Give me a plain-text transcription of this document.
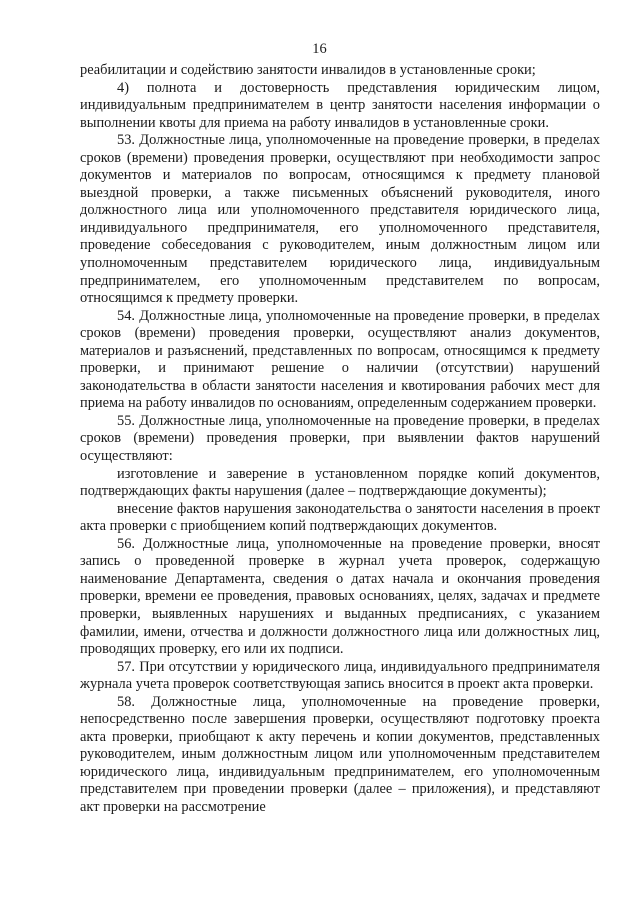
16

реабилитации и содействию занятости инвалидов в установленные сроки;

4) полнота и достоверность представления юридическим лицом, индивидуальным предпринимателем в центр занятости населения информации о выполнении квоты для приема на работу инвалидов в установленные сроки.

53. Должностные лица, уполномоченные на проведение проверки, в пределах сроков (времени) проведения проверки, осуществляют при необходимости запрос документов и материалов по вопросам, относящимся к предмету плановой выездной проверки, а также письменных объяснений руководителя, иного должностного лица или уполномоченного представителя юридического лица, индивидуального предпринимателя, его уполномоченного представителя, проведение собеседования с руководителем, иным должностным лицом или уполномоченным представителем юридического лица, индивидуальным предпринимателем, его уполномоченным представителем по вопросам, относящимся к предмету проверки.

54. Должностные лица, уполномоченные на проведение проверки, в пределах сроков (времени) проведения проверки, осуществляют анализ документов, материалов и разъяснений, представленных по вопросам, относящимся к предмету проверки, и принимают решение о наличии (отсутствии) нарушений законодательства в области занятости населения и квотирования рабочих мест для приема на работу инвалидов по основаниям, определенным содержанием проверки.

55. Должностные лица, уполномоченные на проведение проверки, в пределах сроков (времени) проведения проверки, при выявлении фактов нарушений осуществляют:

изготовление и заверение в установленном порядке копий документов, подтверждающих факты нарушения (далее – подтверждающие документы);

внесение фактов нарушения законодательства о занятости населения в проект акта проверки с приобщением копий подтверждающих документов.

56. Должностные лица, уполномоченные на проведение проверки, вносят запись о проведенной проверке в журнал учета проверок, содержащую наименование Департамента, сведения о датах начала и окончания проведения проверки, времени ее проведения, правовых основаниях, целях, задачах и предмете проверки, выявленных нарушениях и выданных предписаниях, с указанием фамилии, имени, отчества и должности должностного лица или должностных лиц, проводящих проверку, его или их подписи.

57. При отсутствии у юридического лица, индивидуального предпринимателя журнала учета проверок соответствующая запись вносится в проект акта проверки.

58. Должностные лица, уполномоченные на проведение проверки, непосредственно после завершения проверки, осуществляют подготовку проекта акта проверки, приобщают к акту перечень и копии документов, представленных руководителем, иным должностным лицом или уполномоченным представителем юридического лица, индивидуальным предпринимателем, его уполномоченным представителем при проведении проверки (далее – приложения), и представляют акт проверки на рассмотрение
